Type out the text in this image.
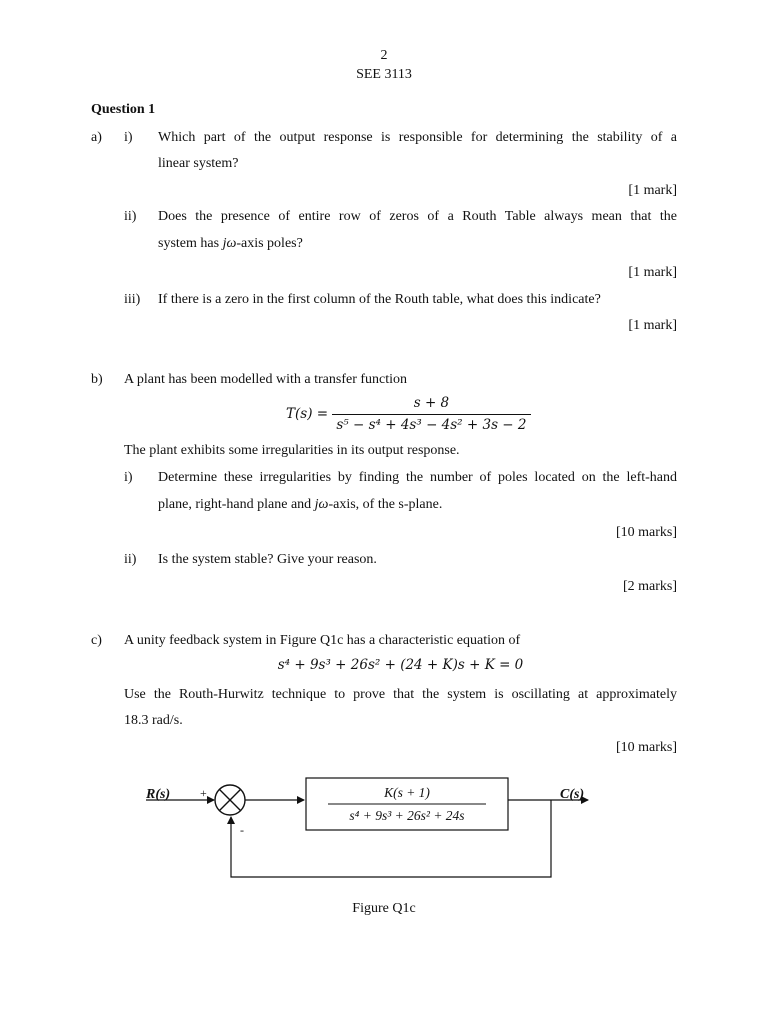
2
SEE 3113
Question 1
a) i) Which part of the output response is responsible for determining the stability of a
linear system?
[1 mark]
ii) Does the presence of entire row of zeros of a Routh Table always mean that the
system has jω-axis poles?
[1 mark]
iii) If there is a zero in the first column of the Routh table, what does this indicate?
[1 mark]
b) A plant has been modelled with a transfer function
$T(s) = \frac{s + 8}{\text{s⁵ − s⁴ + 4s³ − 4s² + 3s − 2}}$
The plant exhibits some irregularities in its output response.
i) Determine these irregularities by finding the number of poles located on the left-hand
plane, right-hand plane and jω-axis, of the s-plane.
[10 marks]
ii) Is the system stable? Give your reason.
[2 marks]
c) A unity feedback system in Figure Q1c has a characteristic equation of
s⁴ + 9s³ + 26s² + (24 + K)s + K = 0
Use the Routh-Hurwitz technique to prove that the system is oscillating at approximately
18.3 rad/s.
[10 marks]
K(s + 1)
s⁴ + 9s³ + 26s² + 24s
R(s)	C(s)
+
-
Figure Q1c
